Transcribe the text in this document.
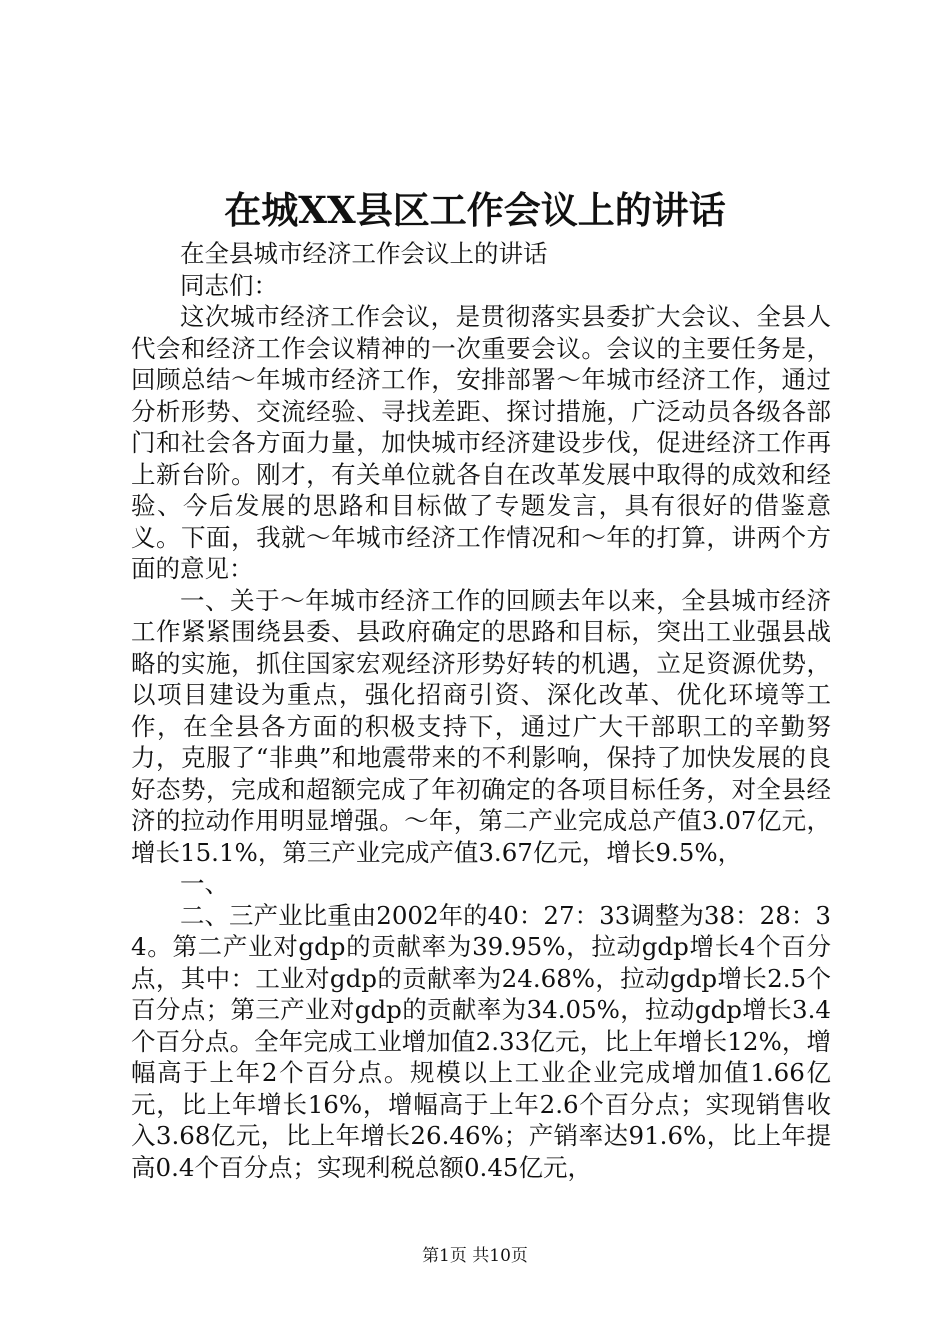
在城XX县区工作会议上的讲话

在全县城市经济工作会议上的讲话

同志们：

这次城市经济工作会议，是贯彻落实县委扩大会议、全县人代会和经济工作会议精神的一次重要会议。会议的主要任务是，回顾总结～年城市经济工作，安排部署～年城市经济工作，通过分析形势、交流经验、寻找差距、探讨措施，广泛动员各级各部门和社会各方面力量，加快城市经济建设步伐，促进经济工作再上新台阶。刚才，有关单位就各自在改革发展中取得的成效和经验、今后发展的思路和目标做了专题发言，具有很好的借鉴意义。下面，我就～年城市经济工作情况和～年的打算，讲两个方面的意见：

一、关于～年城市经济工作的回顾去年以来，全县城市经济工作紧紧围绕县委、县政府确定的思路和目标，突出工业强县战略的实施，抓住国家宏观经济形势好转的机遇，立足资源优势，以项目建设为重点，强化招商引资、深化改革、优化环境等工作，在全县各方面的积极支持下，通过广大干部职工的辛勤努力，克服了“非典”和地震带来的不利影响，保持了加快发展的良好态势，完成和超额完成了年初确定的各项目标任务，对全县经济的拉动作用明显增强。～年，第二产业完成总产值3.07亿元，增长15.1%，第三产业完成产值3.67亿元，增长9.5%，

一、

二、三产业比重由2002年的40：27：33调整为38：28：34。第二产业对gdp的贡献率为39.95%，拉动gdp增长4个百分点，其中：工业对gdp的贡献率为24.68%，拉动gdp增长2.5个百分点；第三产业对gdp的贡献率为34.05%，拉动gdp增长3.4个百分点。全年完成工业增加值2.33亿元，比上年增长12%，增幅高于上年2个百分点。规模以上工业企业完成增加值1.66亿元，比上年增长16%，增幅高于上年2.6个百分点；实现销售收入3.68亿元，比上年增长26.46%；产销率达91.6%，比上年提高0.4个百分点；实现利税总额0.45亿元，

第1页 共10页
